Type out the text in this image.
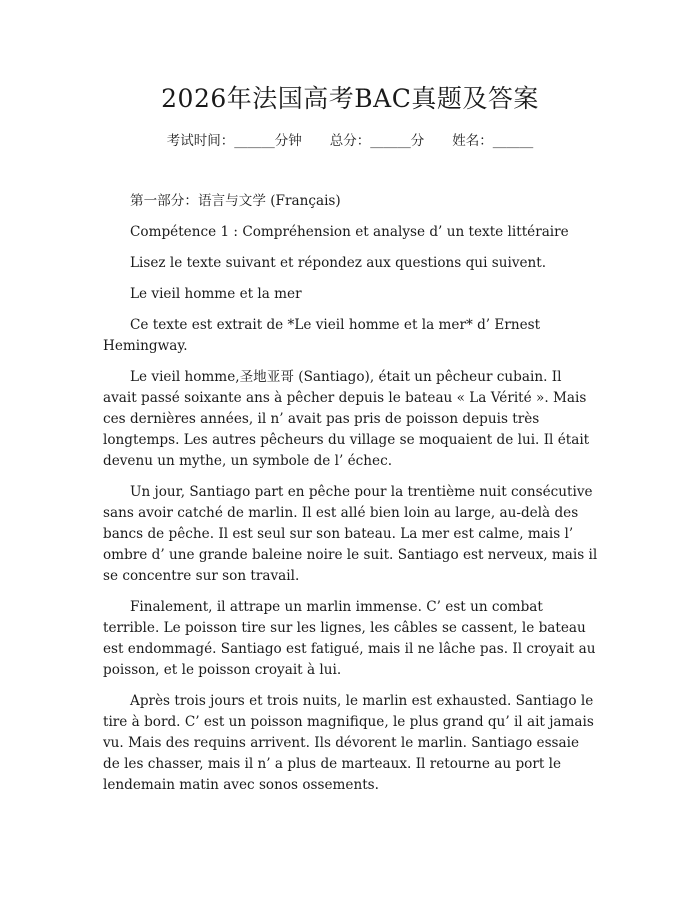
2026年法国高考BAC真题及答案
考试时间：______分钟 总分：______分 姓名：______

第一部分：语言与文学 (Français)

Compétence 1 : Compréhension et analyse d’ un texte littéraire

Lisez le texte suivant et répondez aux questions qui suivent.

Le vieil homme et la mer

Ce texte est extrait de *Le vieil homme et la mer* d’ Ernest Hemingway.

Le vieil homme,圣地亚哥 (Santiago), était un pêcheur cubain. Il avait passé soixante ans à pêcher depuis le bateau « La Vérité ». Mais ces dernières années, il n’ avait pas pris de poisson depuis très longtemps. Les autres pêcheurs du village se moquaient de lui. Il était devenu un mythe, un symbole de l’ échec.

Un jour, Santiago part en pêche pour la trentième nuit consécutive sans avoir catché de marlin. Il est allé bien loin au large, au-delà des bancs de pêche. Il est seul sur son bateau. La mer est calme, mais l’ ombre d’ une grande baleine noire le suit. Santiago est nerveux, mais il se concentre sur son travail.

Finalement, il attrape un marlin immense. C’ est un combat terrible. Le poisson tire sur les lignes, les câbles se cassent, le bateau est endommagé. Santiago est fatigué, mais il ne lâche pas. Il croyait au poisson, et le poisson croyait à lui.

Après trois jours et trois nuits, le marlin est exhausted. Santiago le tire à bord. C’ est un poisson magnifique, le plus grand qu’ il ait jamais vu. Mais des requins arrivent. Ils dévorent le marlin. Santiago essaie de les chasser, mais il n’ a plus de marteaux. Il retourne au port le lendemain matin avec sonos ossements.
